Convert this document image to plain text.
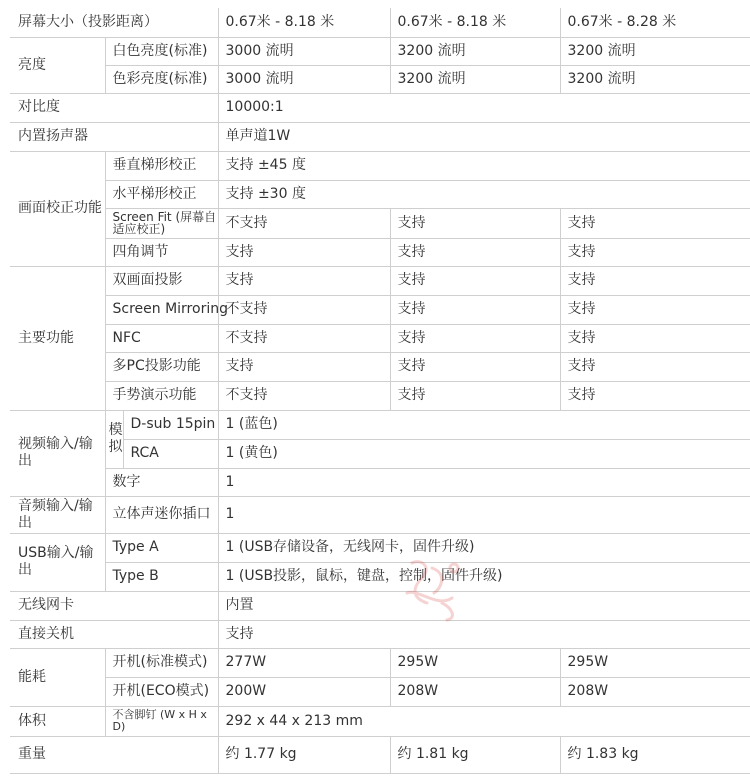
屏幕大小（投影距离）			0.67米 - 8.18 米	0.67米 - 8.18 米	0.67米 - 8.28 米
亮度	白色亮度(标准)		3000 流明	3200 流明	3200 流明
	色彩亮度(标准)		3000 流明	3200 流明	3200 流明
对比度			10000:1		
内置扬声器			单声道1W		
画面校正功能	垂直梯形校正		支持 ±45 度		
	水平梯形校正		支持 ±30 度		
	Screen Fit (屏幕自适应校正)		不支持	支持	支持
	四角调节		支持	支持	支持
主要功能	双画面投影		支持	支持	支持
	Screen Mirroring		不支持	支持	支持
	NFC		不支持	支持	支持
	多PC投影功能		支持	支持	支持
	手势演示功能		不支持	支持	支持
视频输入/输出	模拟	D-sub 15pin	1 (蓝色)		
		RCA	1 (黄色)		
	数字		1		
音频输入/输出	立体声迷你插口		1		
USB输入/输出	Type A		1 (USB存储设备，无线网卡，固件升级)		
	Type B		1 (USB投影，鼠标，键盘，控制，固件升级)		
无线网卡			内置		
直接关机			支持		
能耗	开机(标准模式)		277W	295W	295W
	开机(ECO模式)		200W	208W	208W
体积	不含脚钉 (W x H x D)		292 x 44 x 213 mm		
重量			约 1.77 kg	约 1.81 kg	约 1.83 kg
